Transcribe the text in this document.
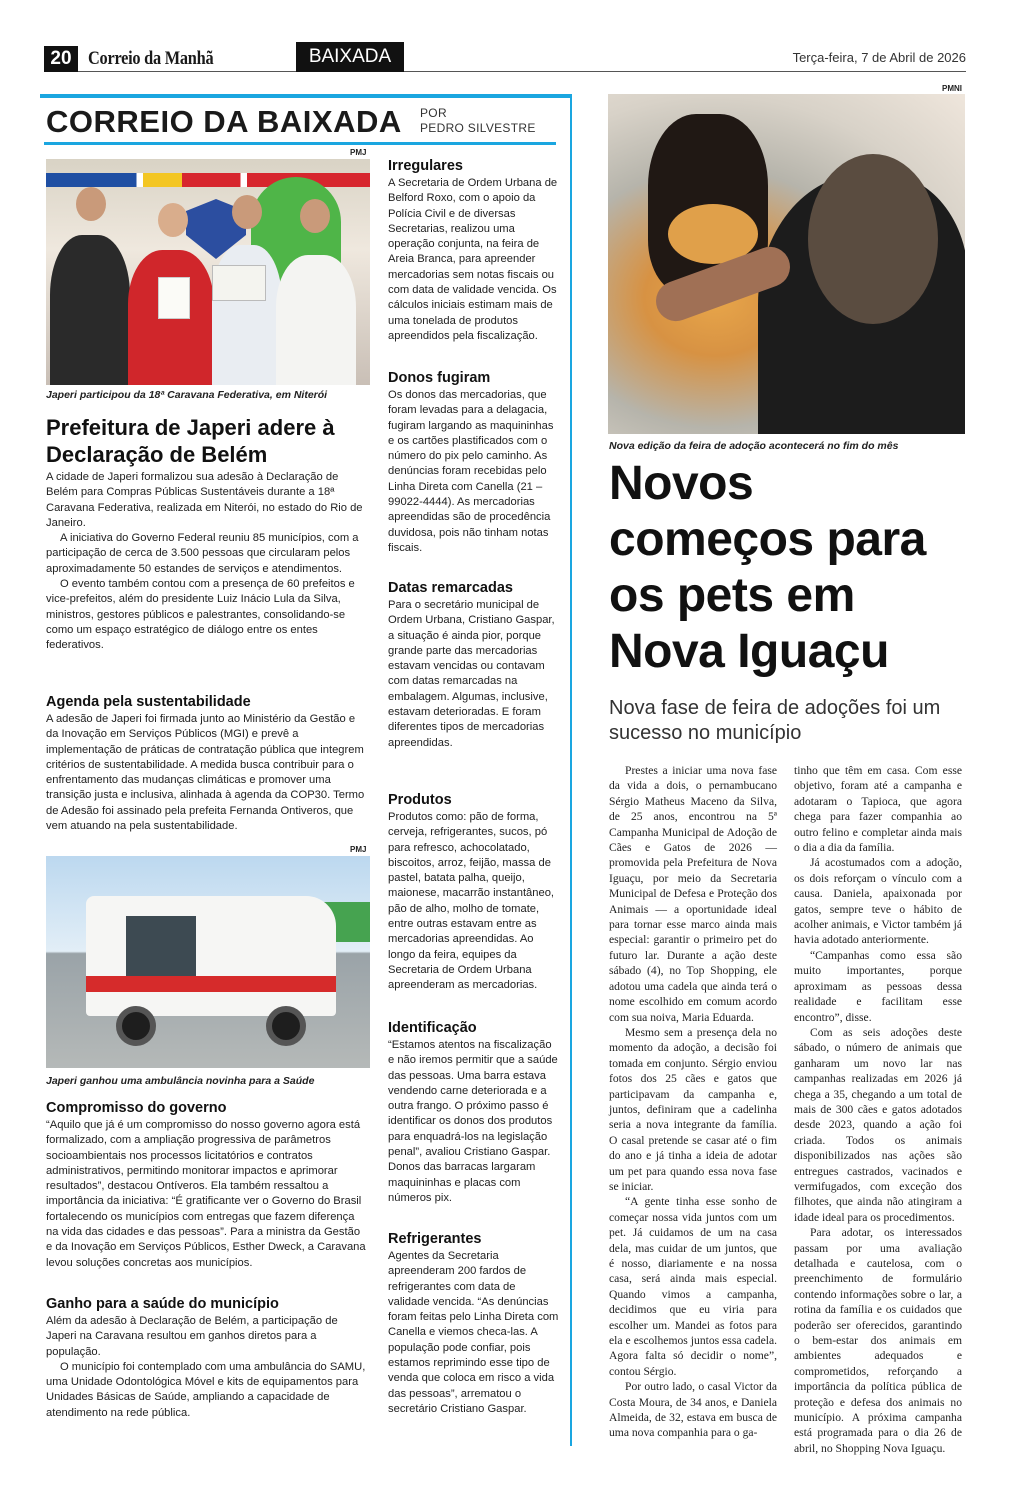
20 Correio da Manhã	BAIXADA	Terça-feira, 7 de Abril de 2026
CORREIO DA BAIXADA POR
PEDRO SILVESTRE
PMJ
Japeri participou da 18ª Caravana Federativa, em Niterói
Prefeitura de Japeri adere à Declaração de Belém

A cidade de Japeri formalizou sua adesão à Declaração de Belém para Compras Públicas Sustentáveis durante a 18ª Caravana Federativa, realizada em Niterói, no estado do Rio de Janeiro.

A iniciativa do Governo Federal reuniu 85 municípios, com a participação de cerca de 3.500 pessoas que circularam pelos aproximadamente 50 estandes de serviços e atendimentos.

O evento também contou com a presença de 60 prefeitos e vice-prefeitos, além do presidente Luiz Inácio Lula da Silva, ministros, gestores públicos e palestrantes, consolidando-se como um espaço estratégico de diálogo entre os entes federativos.

Agenda pela sustentabilidade

A adesão de Japeri foi firmada junto ao Ministério da Gestão e da Inovação em Serviços Públicos (MGI) e prevê a implementação de práticas de contratação pública que integrem critérios de sustentabilidade. A medida busca contribuir para o enfrentamento das mudanças climáticas e promover uma transição justa e inclusiva, alinhada à agenda da COP30. Termo de Adesão foi assinado pela prefeita Fernanda Ontiveros, que vem atuando na pela sustentabilidade.

PMJ
Japeri ganhou uma ambulância novinha para a Saúde
Compromisso do governo

“Aquilo que já é um compromisso do nosso governo agora está formalizado, com a ampliação progressiva de parâmetros socioambientais nos processos licitatórios e contratos administrativos, permitindo monitorar impactos e aprimorar resultados”, destacou Ontíveros. Ela também ressaltou a importância da iniciativa: “É gratificante ver o Governo do Brasil fortalecendo os municípios com entregas que fazem diferença na vida das cidades e das pessoas”. Para a ministra da Gestão e da Inovação em Serviços Públicos, Esther Dweck, a Caravana levou soluções concretas aos municípios.

Ganho para a saúde do município

Além da adesão à Declaração de Belém, a participação de Japeri na Caravana resultou em ganhos diretos para a população.

O município foi contemplado com uma ambulância do SAMU, uma Unidade Odontológica Móvel e kits de equipamentos para Unidades Básicas de Saúde, ampliando a capacidade de atendimento na rede pública.

Irregulares

A Secretaria de Ordem Urbana de Belford Roxo, com o apoio da Polícia Civil e de diversas Secretarias, realizou uma operação conjunta, na feira de Areia Branca, para apreender mercadorias sem notas fiscais ou com data de validade vencida. Os cálculos iniciais estimam mais de uma tonelada de produtos apreendidos pela fiscalização.

Donos fugiram

Os donos das mercadorias, que foram levadas para a delagacia, fugiram largando as maquininhas e os cartões plastificados com o número do pix pelo caminho. As denúncias foram recebidas pelo Linha Direta com Canella (21 – 99022-4444). As mercadorias apreendidas são de procedência duvidosa, pois não tinham notas fiscais.

Datas remarcadas

Para o secretário municipal de Ordem Urbana, Cristiano Gaspar, a situação é ainda pior, porque grande parte das mercadorias estavam vencidas ou contavam com datas remarcadas na embalagem. Algumas, inclusive, estavam deterioradas. E foram diferentes tipos de mercadorias apreendidas.

Produtos

Produtos como: pão de forma, cerveja, refrigerantes, sucos, pó para refresco, achocolatado, biscoitos, arroz, feijão, massa de pastel, batata palha, queijo, maionese, macarrão instantâneo, pão de alho, molho de tomate, entre outras estavam entre as mercadorias apreendidas. Ao longo da feira, equipes da Secretaria de Ordem Urbana apreenderam as mercadorias.

Identificação

“Estamos atentos na fiscalização e não iremos permitir que a saúde das pessoas. Uma barra estava vendendo carne deteriorada e a outra frango. O próximo passo é identificar os donos dos produtos para enquadrá-los na legislação penal”, avaliou Cristiano Gaspar. Donos das barracas largaram maquininhas e placas com números pix.

Refrigerantes

Agentes da Secretaria apreenderam 200 fardos de refrigerantes com data de validade vencida. “As denúncias foram feitas pelo Linha Direta com Canella e viemos checa-las. A população pode confiar, pois estamos reprimindo esse tipo de venda que coloca em risco a vida das pessoas”, arrematou o secretário Cristiano Gaspar.

PMNI
Nova edição da feira de adoção acontecerá no fim do mês
Novos começos para os pets em Nova Iguaçu
Nova fase de feira de adoções foi um sucesso no município

Prestes a iniciar uma nova fase da vida a dois, o pernambucano Sérgio Matheus Maceno da Silva, de 25 anos, encontrou na 5ª Campanha Municipal de Adoção de Cães e Gatos de 2026 — promovida pela Prefeitura de Nova Iguaçu, por meio da Secretaria Municipal de Defesa e Proteção dos Animais — a oportunidade ideal para tornar esse marco ainda mais especial: garantir o primeiro pet do futuro lar. Durante a ação deste sábado (4), no Top Shopping, ele adotou uma cadela que ainda terá o nome escolhido em comum acordo com sua noiva, Maria Eduarda.

Mesmo sem a presença dela no momento da adoção, a decisão foi tomada em conjunto. Sérgio enviou fotos dos 25 cães e gatos que participavam da campanha e, juntos, definiram que a cadelinha seria a nova integrante da família. O casal pretende se casar até o fim do ano e já tinha a ideia de adotar um pet para quando essa nova fase se iniciar.

“A gente tinha esse sonho de começar nossa vida juntos com um pet. Já cuidamos de um na casa dela, mas cuidar de um juntos, que é nosso, diariamente e na nossa casa, será ainda mais especial. Quando vimos a campanha, decidimos que eu viria para escolher um. Mandei as fotos para ela e escolhemos juntos essa cadela. Agora falta só decidir o nome”, contou Sérgio.

Por outro lado, o casal Victor da Costa Moura, de 34 anos, e Daniela Almeida, de 32, estava em busca de uma nova companhia para o ga-

tinho que têm em casa. Com esse objetivo, foram até a campanha e adotaram o Tapioca, que agora chega para fazer companhia ao outro felino e completar ainda mais o dia a dia da família.

Já acostumados com a adoção, os dois reforçam o vínculo com a causa. Daniela, apaixonada por gatos, sempre teve o hábito de acolher animais, e Victor também já havia adotado anteriormente.

“Campanhas como essa são muito importantes, porque aproximam as pessoas dessa realidade e facilitam esse encontro”, disse.

Com as seis adoções deste sábado, o número de animais que ganharam um novo lar nas campanhas realizadas em 2026 já chega a 35, chegando a um total de mais de 300 cães e gatos adotados desde 2023, quando a ação foi criada. Todos os animais disponibilizados nas ações são entregues castrados, vacinados e vermifugados, com exceção dos filhotes, que ainda não atingiram a idade ideal para os procedimentos.

Para adotar, os interessados passam por uma avaliação detalhada e cautelosa, com o preenchimento de formulário contendo informações sobre o lar, a rotina da família e os cuidados que poderão ser oferecidos, garantindo o bem-estar dos animais em ambientes adequados e comprometidos, reforçando a importância da política pública de proteção e defesa dos animais no município. A próxima campanha está programada para o dia 26 de abril, no Shopping Nova Iguaçu.
